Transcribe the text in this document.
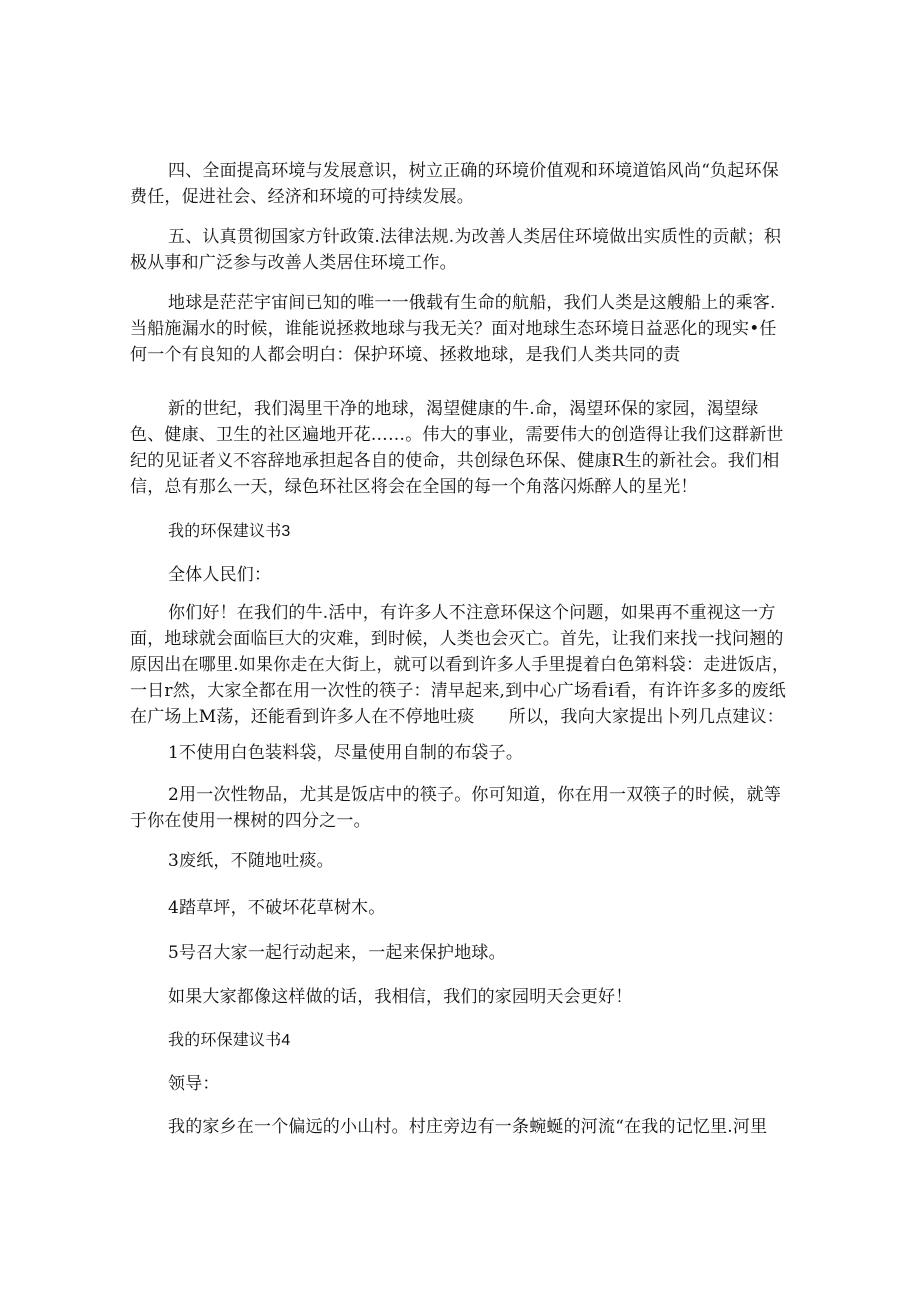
四、全面提高环境与发展意识，树立正确的环境价值观和环境道馅风尚“负起环保费任，促进社会、经济和环境的可持续发展。

五、认真贯彻国家方针政策.法律法规.为改善人类居住环境做出实质性的贡献；积极从事和广泛参与改善人类居住环境工作。

地球是茫茫宇宙间已知的唯一一俄载有生命的航船，我们人类是这艘船上的乘客.当船施漏水的时候，谁能说拯救地球与我无关？面对地球生态环境日益恶化的现实•任何一个有良知的人都会明白：保护环境、拯救地球，是我们人类共同的责

新的世纪，我们渴里干净的地球，渴望健康的牛.命，渴望环保的家园，渴望绿色、健康、卫生的社区遍地开花……。伟大的事业，需要伟大的创造得让我们这群新世纪的见证者义不容辞地承担起各自的使命，共创绿色环保、健康R生的新社会。我们相信，总有那么一天，绿色环社区将会在全国的每一个角落闪烁醉人的星光！

我的环保建议书3

全体人民们：

你们好！在我们的牛.活中，有许多人不注意环保这个问题，如果再不重视这一方面，地球就会面临巨大的灾难，到时候，人类也会灭亡。首先，让我们来找一找问翘的原因出在哪里.如果你走在大街上，就可以看到许多人手里提着白色第料袋：走进饭店，一日r然，大家全都在用一次性的筷子：清早起来,到中心广场看i看，有许许多多的废纸在广场上M荡，还能看到许多人在不停地吐痰　　所以，我向大家提出卜列几点建议：

1不使用白色装料袋，尽量使用自制的布袋子。

2用一次性物品，尤其是饭店中的筷子。你可知道，你在用一双筷子的时候，就等于你在使用一棵树的四分之一。

3废纸，不随地吐痰。

4踏草坪，不破坏花草树木。

5号召大家一起行动起来，一起来保护地球。

如果大家都像这样做的话，我相信，我们的家园明天会更好！

我的环保建议书4

领导：

我的家乡在一个偏远的小山村。村庄旁边有一条蜿蜒的河流“在我的记忆里.河里
